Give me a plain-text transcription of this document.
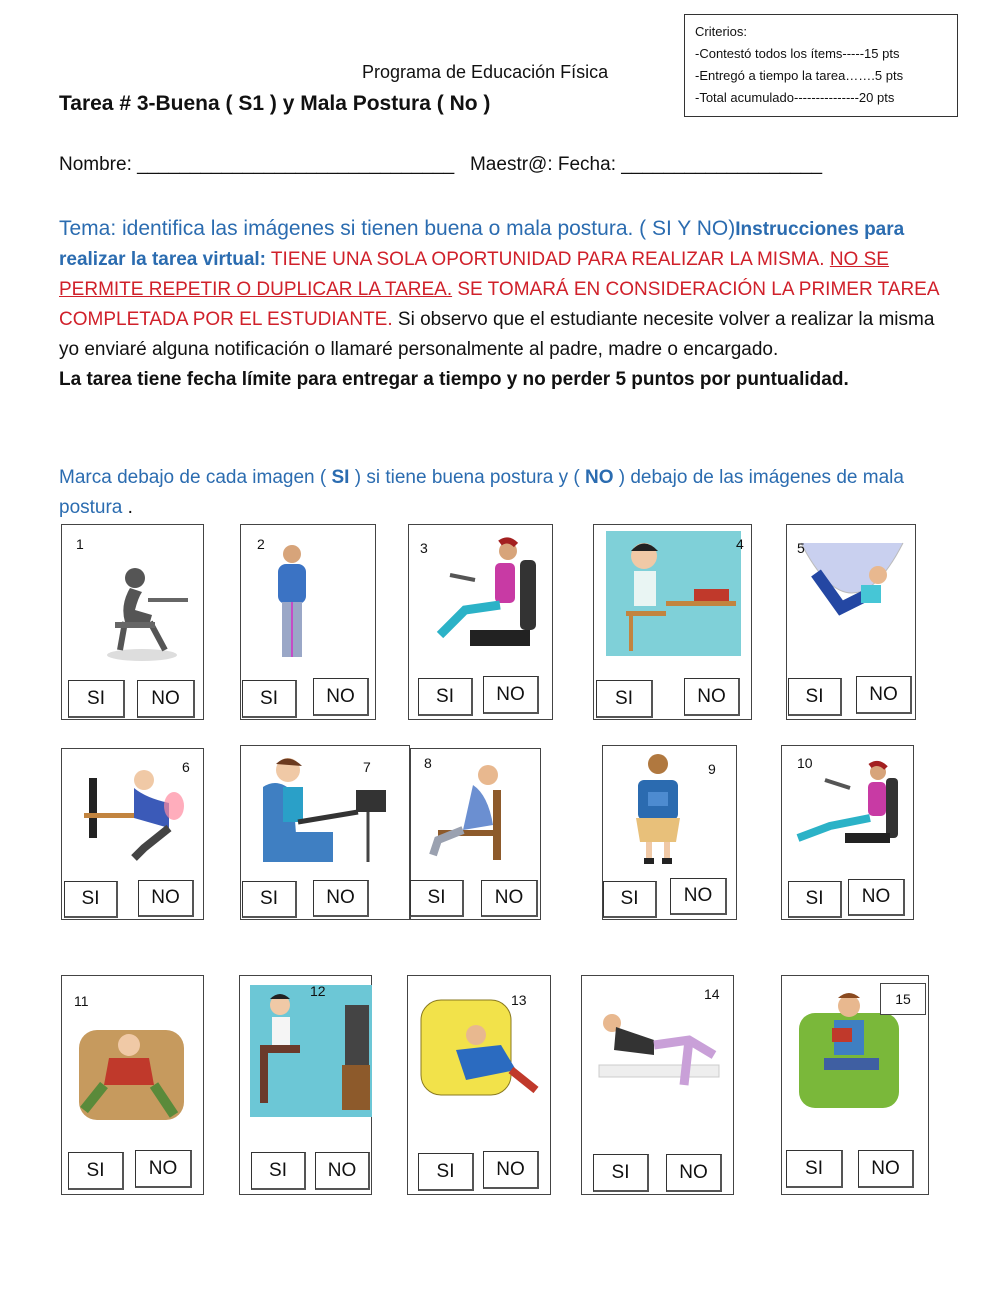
Criterios:
-Contestó todos los ítems-----15 pts
-Entregó a tiempo la tarea…….5 pts
-Total acumulado---------------20 pts
Programa de Educación Física
Tarea # 3-Buena ( S1 ) y Mala Postura ( No )
Nombre: ______________________________   Maestr@: Fecha: ___________________
Tema: identifica las imágenes si tienen buena o mala postura. ( SI Y NO)Instrucciones para realizar la tarea virtual: TIENE UNA SOLA OPORTUNIDAD PARA REALIZAR LA MISMA. NO SE PERMITE REPETIR O DUPLICAR LA TAREA. SE TOMARÁ EN CONSIDERACIÓN LA PRIMER TAREA COMPLETADA POR EL ESTUDIANTE. Si observo que el estudiante necesite volver a realizar la misma yo enviaré alguna notificación o llamaré personalmente al padre, madre o encargado.
La tarea tiene fecha límite para entregar a tiempo y no perder 5 puntos por puntualidad.
Marca debajo de cada imagen ( SI ) si tiene buena postura y ( NO ) debajo de las imágenes de mala postura .
1	2	3	4	5
6	7	8	9	10
11
12
13	14	15
SI	NO	SI	NO	SI	NO	SI	NO	SI	NO
SI	NO	SI	NO	SI	NO	SI	NO	SI	NO
SI	NO	SI	NO	SI	NO	SI	NO	SI	NO
